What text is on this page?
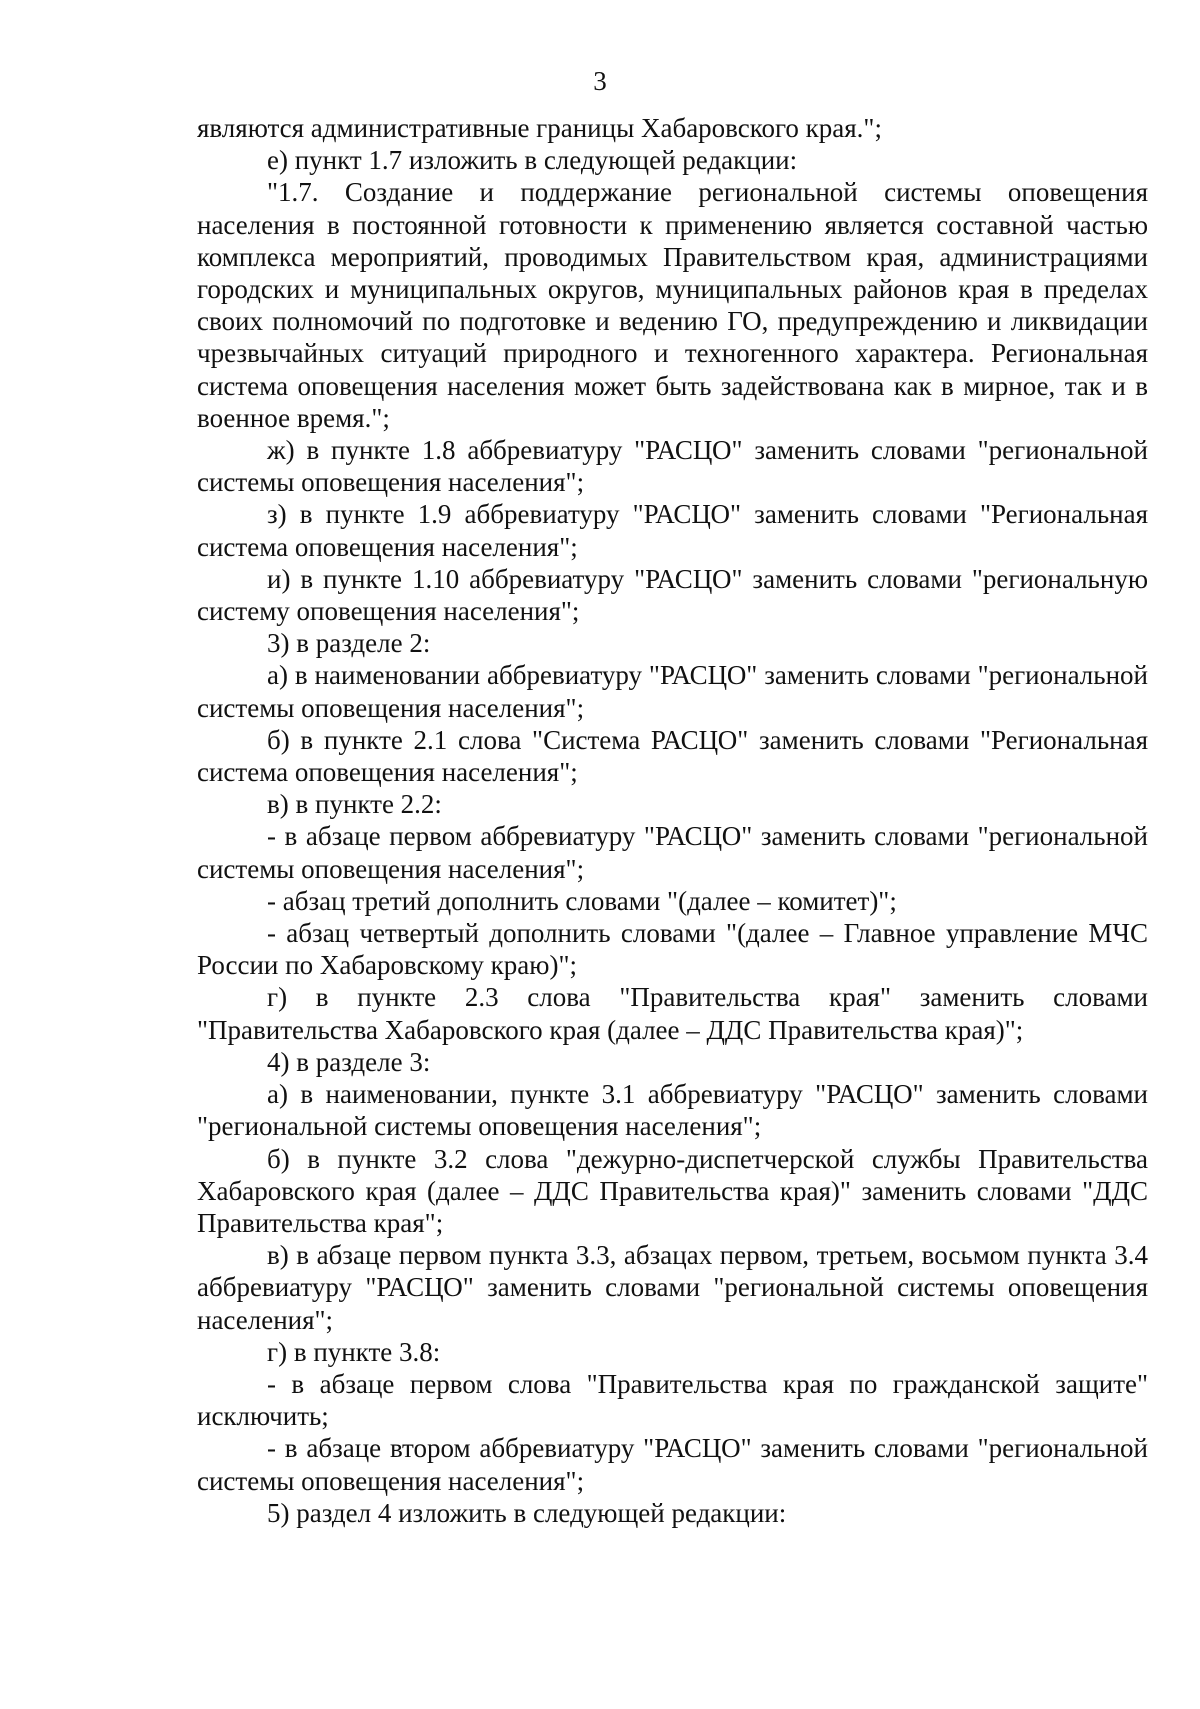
3

являются административные границы Хабаровского края.";

е) пункт 1.7 изложить в следующей редакции:

"1.7. Создание и поддержание региональной системы оповещения населения в постоянной готовности к применению является составной частью комплекса мероприятий, проводимых Правительством края, администрациями городских и муниципальных округов, муниципальных районов края в пределах своих полномочий по подготовке и ведению ГО, предупреждению и ликвидации чрезвычайных ситуаций природного и техногенного характера. Региональная система оповещения населения может быть задействована как в мирное, так и в военное время.";

ж) в пункте 1.8 аббревиатуру "РАСЦО" заменить словами "региональной системы оповещения населения";

з) в пункте 1.9 аббревиатуру "РАСЦО" заменить словами "Региональная система оповещения населения";

и) в пункте 1.10 аббревиатуру "РАСЦО" заменить словами "региональную систему оповещения населения";

3) в разделе 2:

а) в наименовании аббревиатуру "РАСЦО" заменить словами "региональной системы оповещения населения";

б) в пункте 2.1 слова "Система РАСЦО" заменить словами "Региональная система оповещения населения";

в) в пункте 2.2:

- в абзаце первом аббревиатуру "РАСЦО" заменить словами "региональной системы оповещения населения";

- абзац третий дополнить словами "(далее – комитет)";

- абзац четвертый дополнить словами "(далее – Главное управление МЧС России по Хабаровскому краю)";

г) в пункте 2.3 слова "Правительства края" заменить словами "Правительства Хабаровского края (далее – ДДС Правительства края)";

4) в разделе 3:

а) в наименовании, пункте 3.1 аббревиатуру "РАСЦО" заменить словами "региональной системы оповещения населения";

б) в пункте 3.2 слова "дежурно-диспетчерской службы Правительства Хабаровского края (далее – ДДС Правительства края)" заменить словами "ДДС Правительства края";

в) в абзаце первом пункта 3.3, абзацах первом, третьем, восьмом пункта 3.4 аббревиатуру "РАСЦО" заменить словами "региональной системы оповещения населения";

г) в пункте 3.8:

- в абзаце первом слова "Правительства края по гражданской защите" исключить;

- в абзаце втором аббревиатуру "РАСЦО" заменить словами "региональной системы оповещения населения";

5) раздел 4 изложить в следующей редакции:
